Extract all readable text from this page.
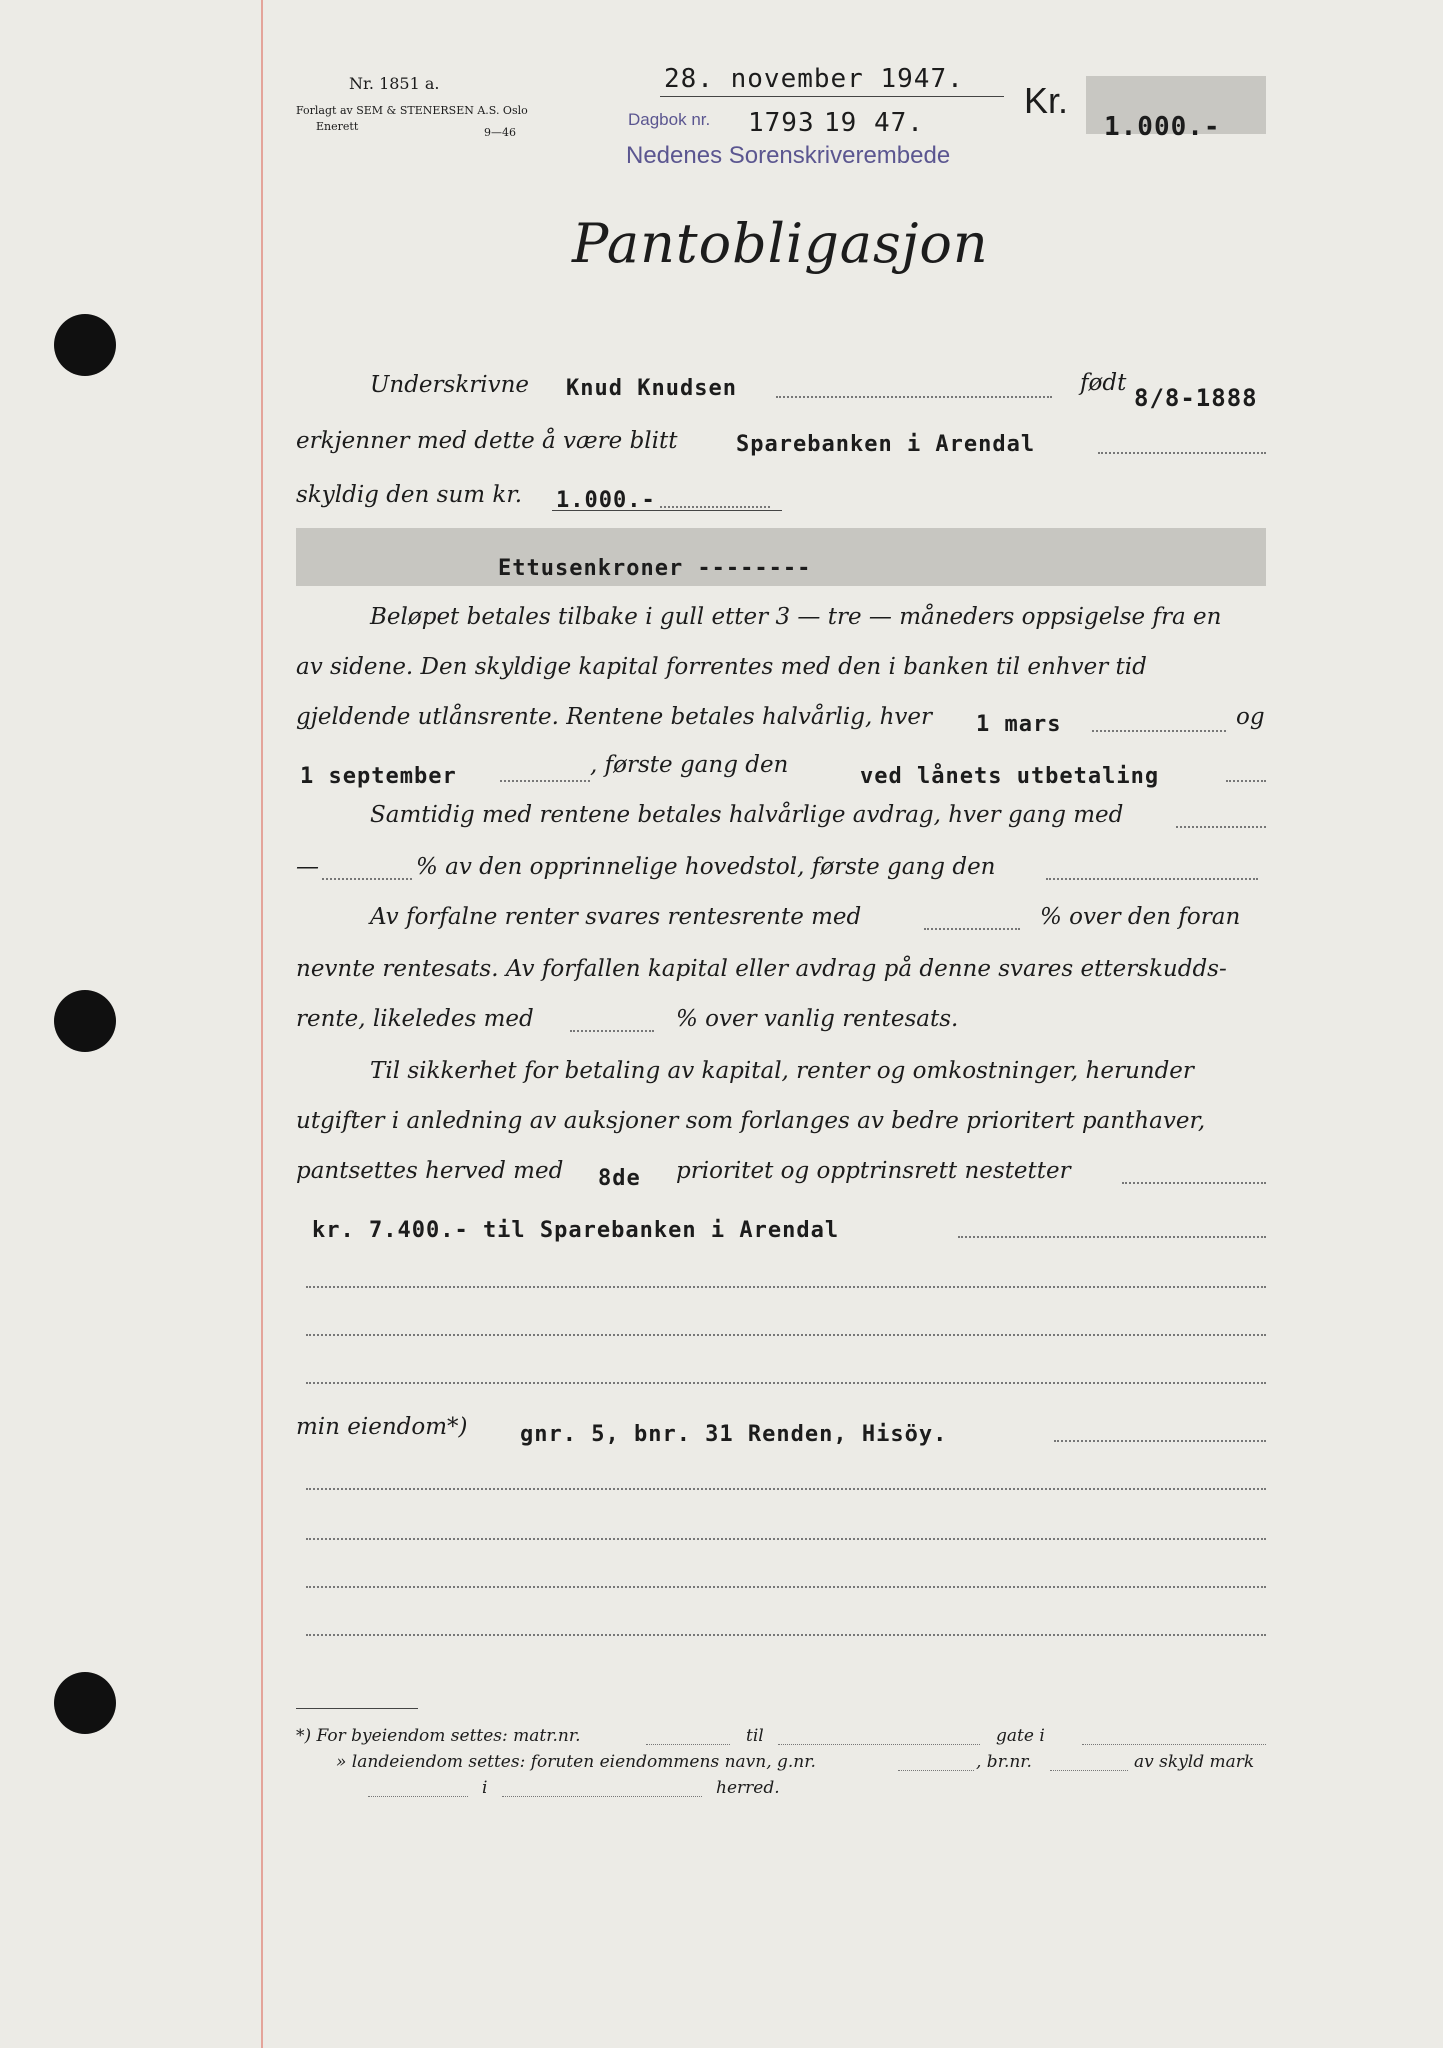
Nr. 1851 a.
Forlagt av SEM & STENERSEN A.S. Oslo
Enerett	9—46
28. november 1947.
Dagbok nr. 1793 19 47.
Nedenes Sorenskriverembede
Kr.
1.000.-
Pantobligasjon
Underskrivne Knud Knudsen	født
8/8-1888
erkjenner med dette å være blitt	Sparebanken i Arendal
skyldig den sum kr. 1.000.-
Ettusenkroner --------
Beløpet betales tilbake i gull etter 3 — tre — måneders oppsigelse fra en
av sidene. Den skyldige kapital forrentes med den i banken til enhver tid
gjeldende utlånsrente. Rentene betales halvårlig, hver 1 mars	og
1 september	, første gang den	ved lånets utbetaling
Samtidig med rentene betales halvårlige avdrag, hver gang med
—	% av den opprinnelige hovedstol, første gang den
Av forfalne renter svares rentesrente med	% over den foran
nevnte rentesats. Av forfallen kapital eller avdrag på denne svares etterskudds-
rente, likeledes med	% over vanlig rentesats.
Til sikkerhet for betaling av kapital, renter og omkostninger, herunder
utgifter i anledning av auksjoner som forlanges av bedre prioritert panthaver,
pantsettes herved med 8de prioritet og opptrinsrett nestetter
kr. 7.400.- til Sparebanken i Arendal
min eiendom*) gnr. 5, bnr. 31 Renden, Hisöy.
*) For byeiendom settes: matr.nr.	til	gate i
» landeiendom settes: foruten eiendommens navn, g.nr.	, br.nr.	av skyld mark
i	herred.
